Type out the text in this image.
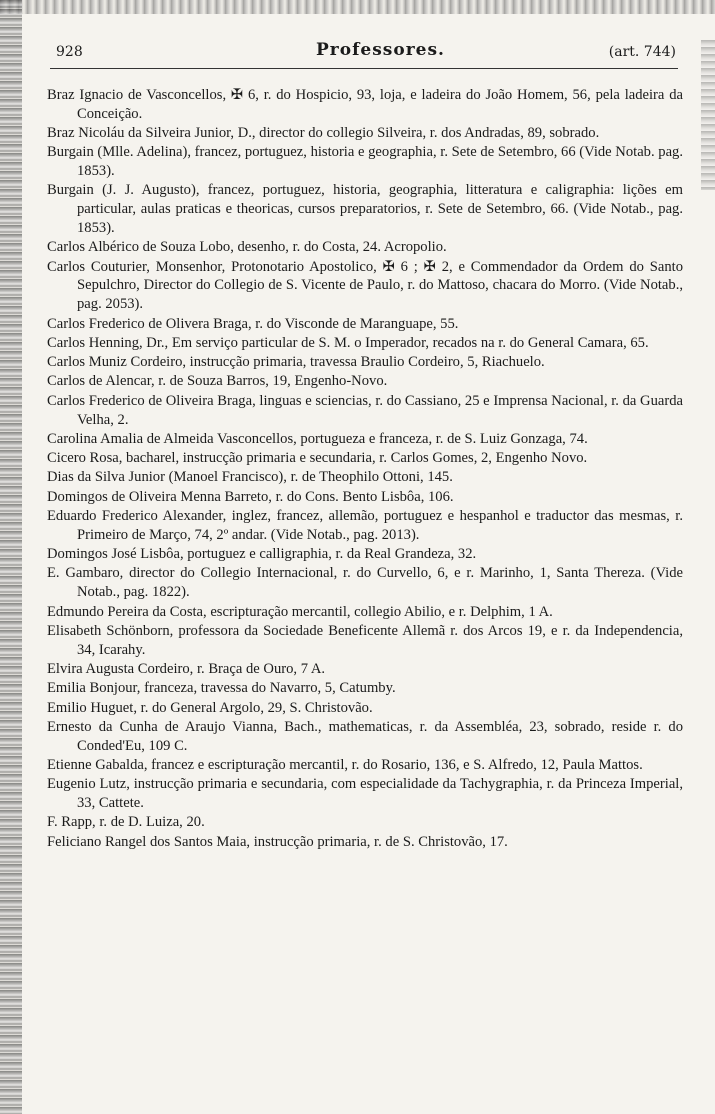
928	Professores.	(art. 744)
Braz Ignacio de Vasconcellos, ✠ 6, r. do Hospicio, 93, loja, e ladeira do João Homem, 56, pela ladeira da Conceição.
Braz Nicoláu da Silveira Junior, D., director do collegio Silveira, r. dos Andradas, 89, sobrado.
Burgain (Mlle. Adelina), francez, portuguez, historia e geographia, r. Sete de Setembro, 66 (Vide Notab. pag. 1853).
Burgain (J. J. Augusto), francez, portuguez, historia, geographia, litteratura e caligraphia: lições em particular, aulas praticas e theoricas, cursos preparatorios, r. Sete de Setembro, 66. (Vide Notab., pag. 1853).
Carlos Albérico de Souza Lobo, desenho, r. do Costa, 24. Acropolio.
Carlos Couturier, Monsenhor, Protonotario Apostolico, ✠ 6 ; ✠ 2, e Commendador da Ordem do Santo Sepulchro, Director do Collegio de S. Vicente de Paulo, r. do Mattoso, chacara do Morro. (Vide Notab., pag. 2053).
Carlos Frederico de Olivera Braga, r. do Visconde de Maranguape, 55.
Carlos Henning, Dr., Em serviço particular de S. M. o Imperador, recados na r. do General Camara, 65.
Carlos Muniz Cordeiro, instrucção primaria, travessa Braulio Cordeiro, 5, Riachuelo.
Carlos de Alencar, r. de Souza Barros, 19, Engenho-Novo.
Carlos Frederico de Oliveira Braga, linguas e sciencias, r. do Cassiano, 25 e Imprensa Nacional, r. da Guarda Velha, 2.
Carolina Amalia de Almeida Vasconcellos, portugueza e franceza, r. de S. Luiz Gonzaga, 74.
Cicero Rosa, bacharel, instrucção primaria e secundaria, r. Carlos Gomes, 2, Engenho Novo.
Dias da Silva Junior (Manoel Francisco), r. de Theophilo Ottoni, 145.
Domingos de Oliveira Menna Barreto, r. do Cons. Bento Lisbôa, 106.
Eduardo Frederico Alexander, inglez, francez, allemão, portuguez e hespanhol e traductor das mesmas, r. Primeiro de Março, 74, 2º andar. (Vide Notab., pag. 2013).
Domingos José Lisbôa, portuguez e calligraphia, r. da Real Grandeza, 32.
E. Gambaro, director do Collegio Internacional, r. do Curvello, 6, e r. Marinho, 1, Santa Thereza. (Vide Notab., pag. 1822).
Edmundo Pereira da Costa, escripturação mercantil, collegio Abilio, e r. Delphim, 1 A.
Elisabeth Schönborn, professora da Sociedade Beneficente Allemã r. dos Arcos 19, e r. da Independencia, 34, Icarahy.
Elvira Augusta Cordeiro, r. Braça de Ouro, 7 A.
Emilia Bonjour, franceza, travessa do Navarro, 5, Catumby.
Emilio Huguet, r. do General Argolo, 29, S. Christovão.
Ernesto da Cunha de Araujo Vianna, Bach., mathematicas, r. da Assembléa, 23, sobrado, reside r. do Conded'Eu, 109 C.
Etienne Gabalda, francez e escripturação mercantil, r. do Rosario, 136, e S. Alfredo, 12, Paula Mattos.
Eugenio Lutz, instrucção primaria e secundaria, com especialidade da Tachygraphia, r. da Princeza Imperial, 33, Cattete.
F. Rapp, r. de D. Luiza, 20.
Feliciano Rangel dos Santos Maia, instrucção primaria, r. de S. Christovão, 17.
